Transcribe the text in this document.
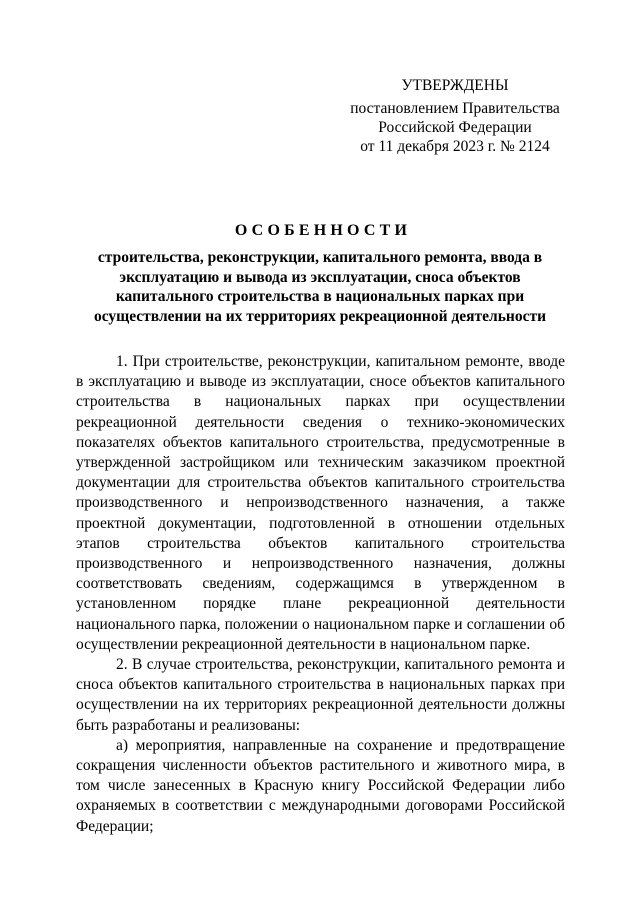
УТВЕРЖДЕНЫ
постановлением Правительства
Российской Федерации
от 11 декабря 2023 г. № 2124
ОСОБЕННОСТИ
строительства, реконструкции, капитального ремонта, ввода в эксплуатацию и вывода из эксплуатации, сноса объектов капитального строительства в национальных парках при осуществлении на их территориях рекреационной деятельности

1. При строительстве, реконструкции, капитальном ремонте, вводе в эксплуатацию и выводе из эксплуатации, сносе объектов капитального строительства в национальных парках при осуществлении рекреационной деятельности сведения о технико-экономических показателях объектов капитального строительства, предусмотренные в утвержденной застройщиком или техническим заказчиком проектной документации для строительства объектов капитального строительства производственного и непроизводственного назначения, а также проектной документации, подготовленной в отношении отдельных этапов строительства объектов капитального строительства производственного и непроизводственного назначения, должны соответствовать сведениям, содержащимся в утвержденном в установленном порядке плане рекреационной деятельности национального парка, положении о национальном парке и соглашении об осуществлении рекреационной деятельности в национальном парке.

2. В случае строительства, реконструкции, капитального ремонта и сноса объектов капитального строительства в национальных парках при осуществлении на их территориях рекреационной деятельности должны быть разработаны и реализованы:

а) мероприятия, направленные на сохранение и предотвращение сокращения численности объектов растительного и животного мира, в том числе занесенных в Красную книгу Российской Федерации либо охраняемых в соответствии с международными договорами Российской Федерации;
